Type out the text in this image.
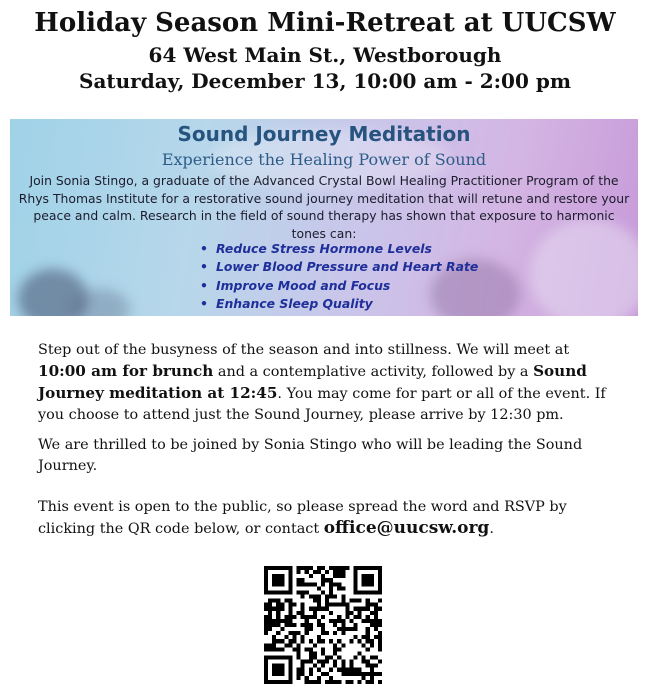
Holiday Season Mini-Retreat at UUCSW
64 West Main St., Westborough
Saturday, December 13, 10:00 am - 2:00 pm
Sound Journey Meditation
Experience the Healing Power of Sound
Join Sonia Stingo, a graduate of the Advanced Crystal Bowl Healing Practitioner Program of the Rhys Thomas Institute for a restorative sound journey meditation that will retune and restore your peace and calm. Research in the field of sound therapy has shown that exposure to harmonic tones can:
• Reduce Stress Hormone Levels
• Lower Blood Pressure and Heart Rate
• Improve Mood and Focus
• Enhance Sleep Quality

Step out of the busyness of the season and into stillness. We will meet at 10:00 am for brunch and a contemplative activity, followed by a Sound Journey meditation at 12:45. You may come for part or all of the event. If you choose to attend just the Sound Journey, please arrive by 12:30 pm.

We are thrilled to be joined by Sonia Stingo who will be leading the Sound Journey.

This event is open to the public, so please spread the word and RSVP by clicking the QR code below, or contact office@uucsw.org.
